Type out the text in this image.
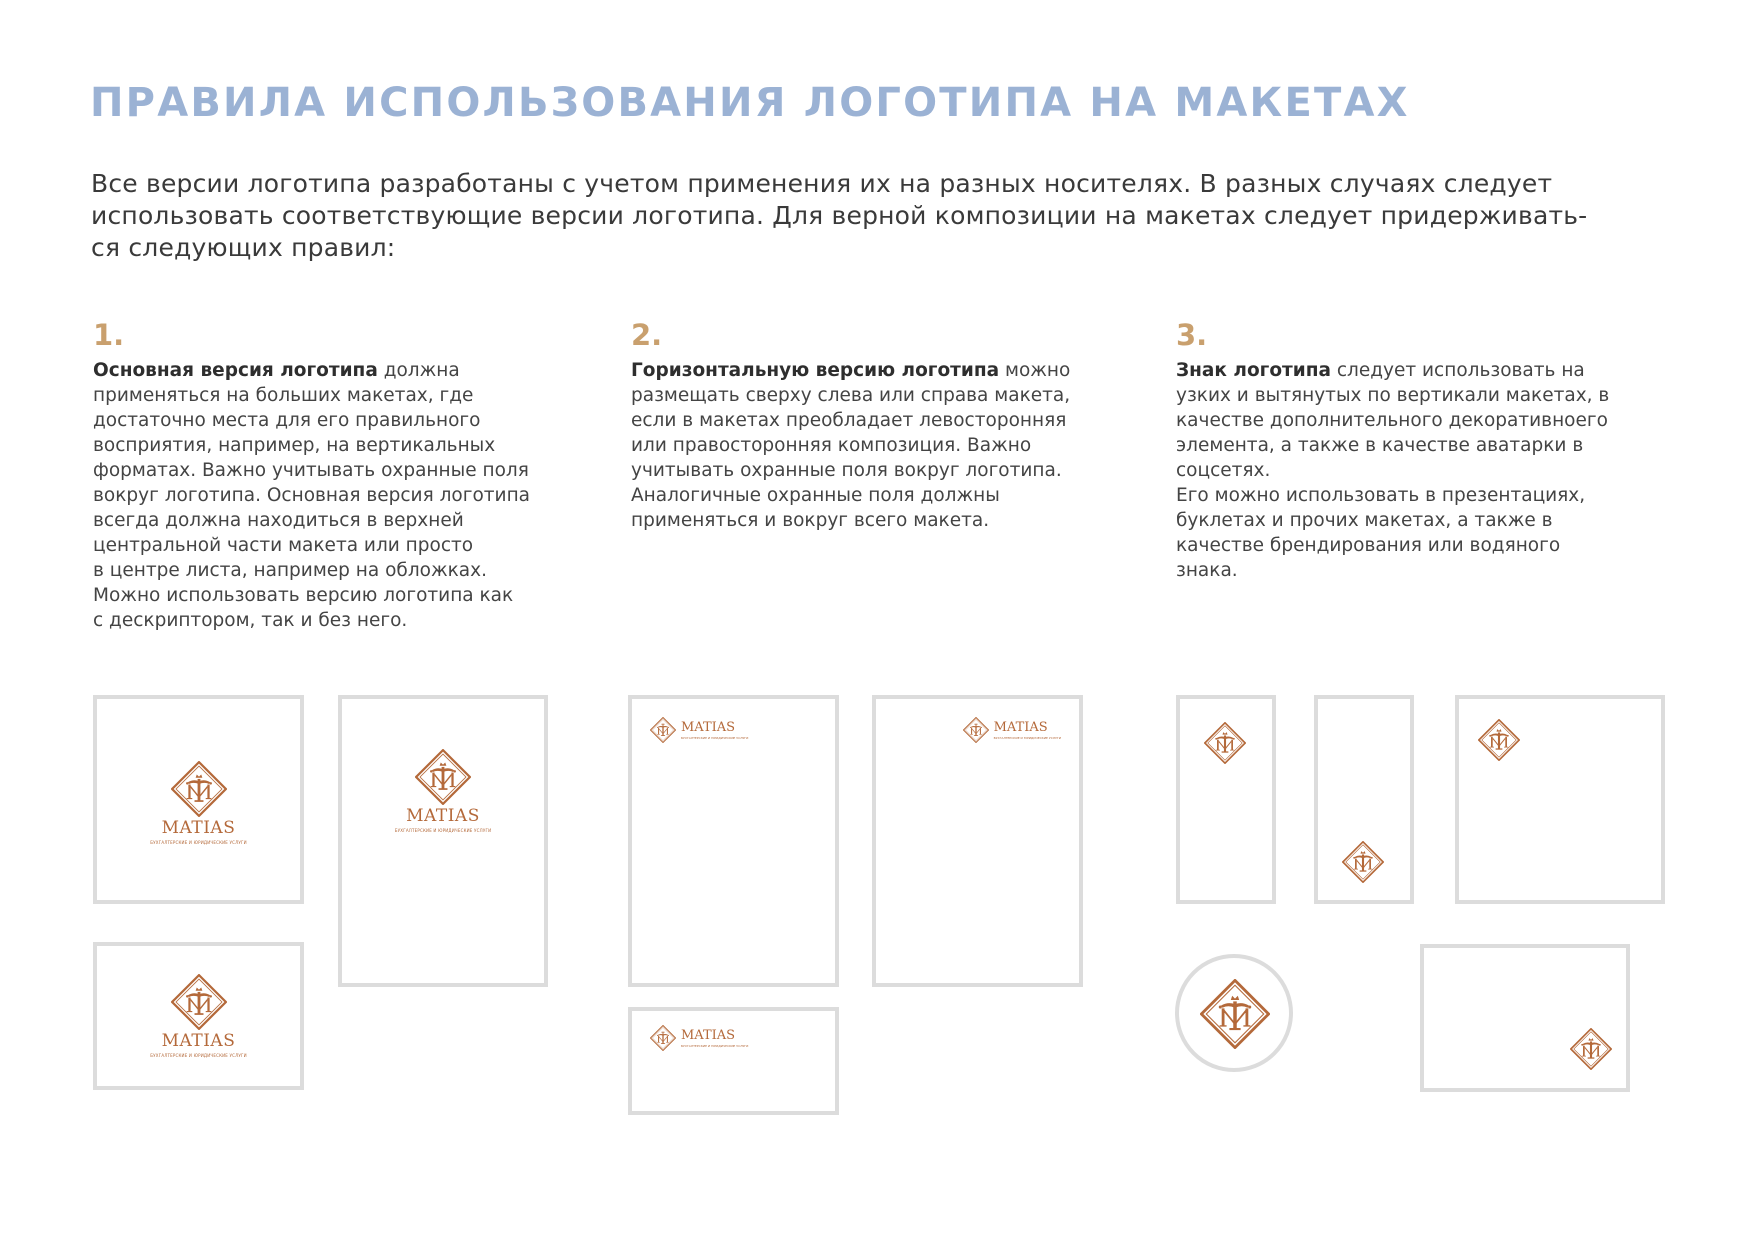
ПРАВИЛА ИСПОЛЬЗОВАНИЯ ЛОГОТИПА НА МАКЕТАХ
Все версии логотипа разработаны с учетом применения их на разных носителях. В разных случаях следует
использовать соответствующие версии логотипа. Для верной композиции на макетах следует придерживать-
ся следующих правил:
1.
Основная версия логотипа должна
применяться на больших макетах, где
достаточно места для его правильного
восприятия, например, на вертикальных
форматах. Важно учитывать охранные поля
вокруг логотипа. Основная версия логотипа
всегда должна находиться в верхней
центральной части макета или просто
в центре листа, например на обложках.
Можно использовать версию логотипа как
с дескриптором, так и без него.
2.
Горизонтальную версию логотипа можно
размещать сверху слева или справа макета,
если в макетах преобладает левосторонняя
или правосторонняя композиция. Важно
учитывать охранные поля вокруг логотипа.
Аналогичные охранные поля должны
применяться и вокруг всего макета.
3.
Знак логотипа следует использовать на
узких и вытянутых по вертикали макетах, в
качестве дополнительного декоративноего
элемента, а также в качестве аватарки в
соцсетях.
Его можно использовать в презентациях,
буклетах и прочих макетах, а также в
качестве брендирования или водяного
знака.
MATIAS
БУХГАЛТЕРСКИЕ И ЮРИДИЧЕСКИЕ УСЛУГИ
MATIAS
БУХГАЛТЕРСКИЕ И ЮРИДИЧЕСКИЕ УСЛУГИ
MATIAS
БУХГАЛТЕРСКИЕ И ЮРИДИЧЕСКИЕ УСЛУГИ
MATIAS
БУХГАЛТЕРСКИЕ И ЮРИДИЧЕСКИЕ УСЛУГИ
MATIAS
БУХГАЛТЕРСКИЕ И ЮРИДИЧЕСКИЕ УСЛУГИ
MATIAS
БУХГАЛТЕРСКИЕ И ЮРИДИЧЕСКИЕ УСЛУГИ
